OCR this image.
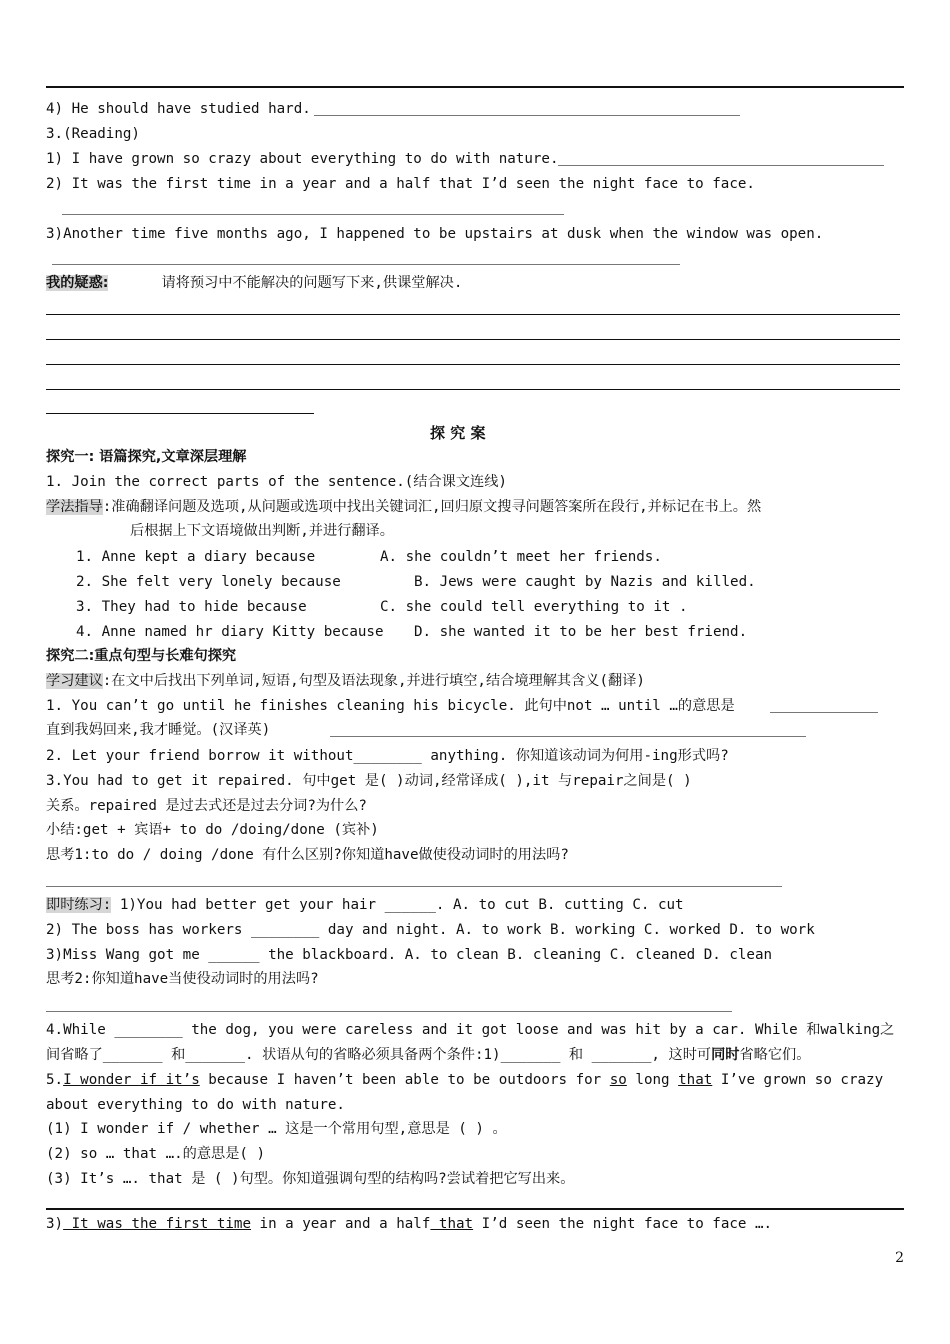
4) He should have studied hard.
3.(Reading)
1) I have grown so crazy about everything to do with nature.
2) It was the first time in a year and a half that I’d seen the night face to face.
3)Another time five months ago, I happened to be upstairs at dusk when the window was open.
我的疑惑:	请将预习中不能解决的问题写下来,供课堂解决.
探 究 案
探究一: 语篇探究,文章深层理解
1. Join the correct parts of the sentence.(结合课文连线)
学法指导:准确翻译问题及选项,从问题或选项中找出关键词汇,回归原文搜寻问题答案所在段行,并标记在书上。然
后根据上下文语境做出判断,并进行翻译。
1. Anne kept a diary because	A. she couldn’t meet her friends.
2. She felt very lonely because	B. Jews were caught by Nazis and killed.
3. They had to hide because	C. she could tell everything to it .
4. Anne named hr diary Kitty because D. she wanted it to be her best friend.
探究二:重点句型与长难句探究
学习建议:在文中后找出下列单词,短语,句型及语法现象,并进行填空,结合境理解其含义(翻译)
1. You can’t go until he finishes cleaning his bicycle. 此句中not … until …的意思是
直到我妈回来,我才睡觉。(汉译英)
2. Let your friend borrow it without________ anything. 你知道该动词为何用-ing形式吗?
3.You had to get it repaired. 句中get 是( )动词,经常译成( ),it 与repair之间是( )
关系。repaired 是过去式还是过去分词?为什么?
小结:get + 宾语+ to do /doing/done (宾补)
思考1:to do / doing /done 有什么区别?你知道have做使役动词时的用法吗?
即时练习: 1)You had better get your hair ______. A. to cut B. cutting C. cut
2) The boss has workers ________ day and night. A. to work B. working C. worked D. to work
3)Miss Wang got me ______ the blackboard. A. to clean B. cleaning C. cleaned D. clean
思考2:你知道have当使役动词时的用法吗?
4.While ________ the dog, you were careless and it got loose and was hit by a car. While 和walking之
间省略了_______ 和_______. 状语从句的省略必须具备两个条件:1)_______ 和 _______, 这时可同时省略它们。
5.I wonder if it’s because I haven’t been able to be outdoors for so long that I’ve grown so crazy
about everything to do with nature.
(1) I wonder if / whether … 这是一个常用句型,意思是 ( ) 。
(2) so … that ….的意思是( )
(3) It’s …. that 是 ( )句型。你知道强调句型的结构吗?尝试着把它写出来。
3) It was the first time in a year and a half that I’d seen the night face to face ….
2
